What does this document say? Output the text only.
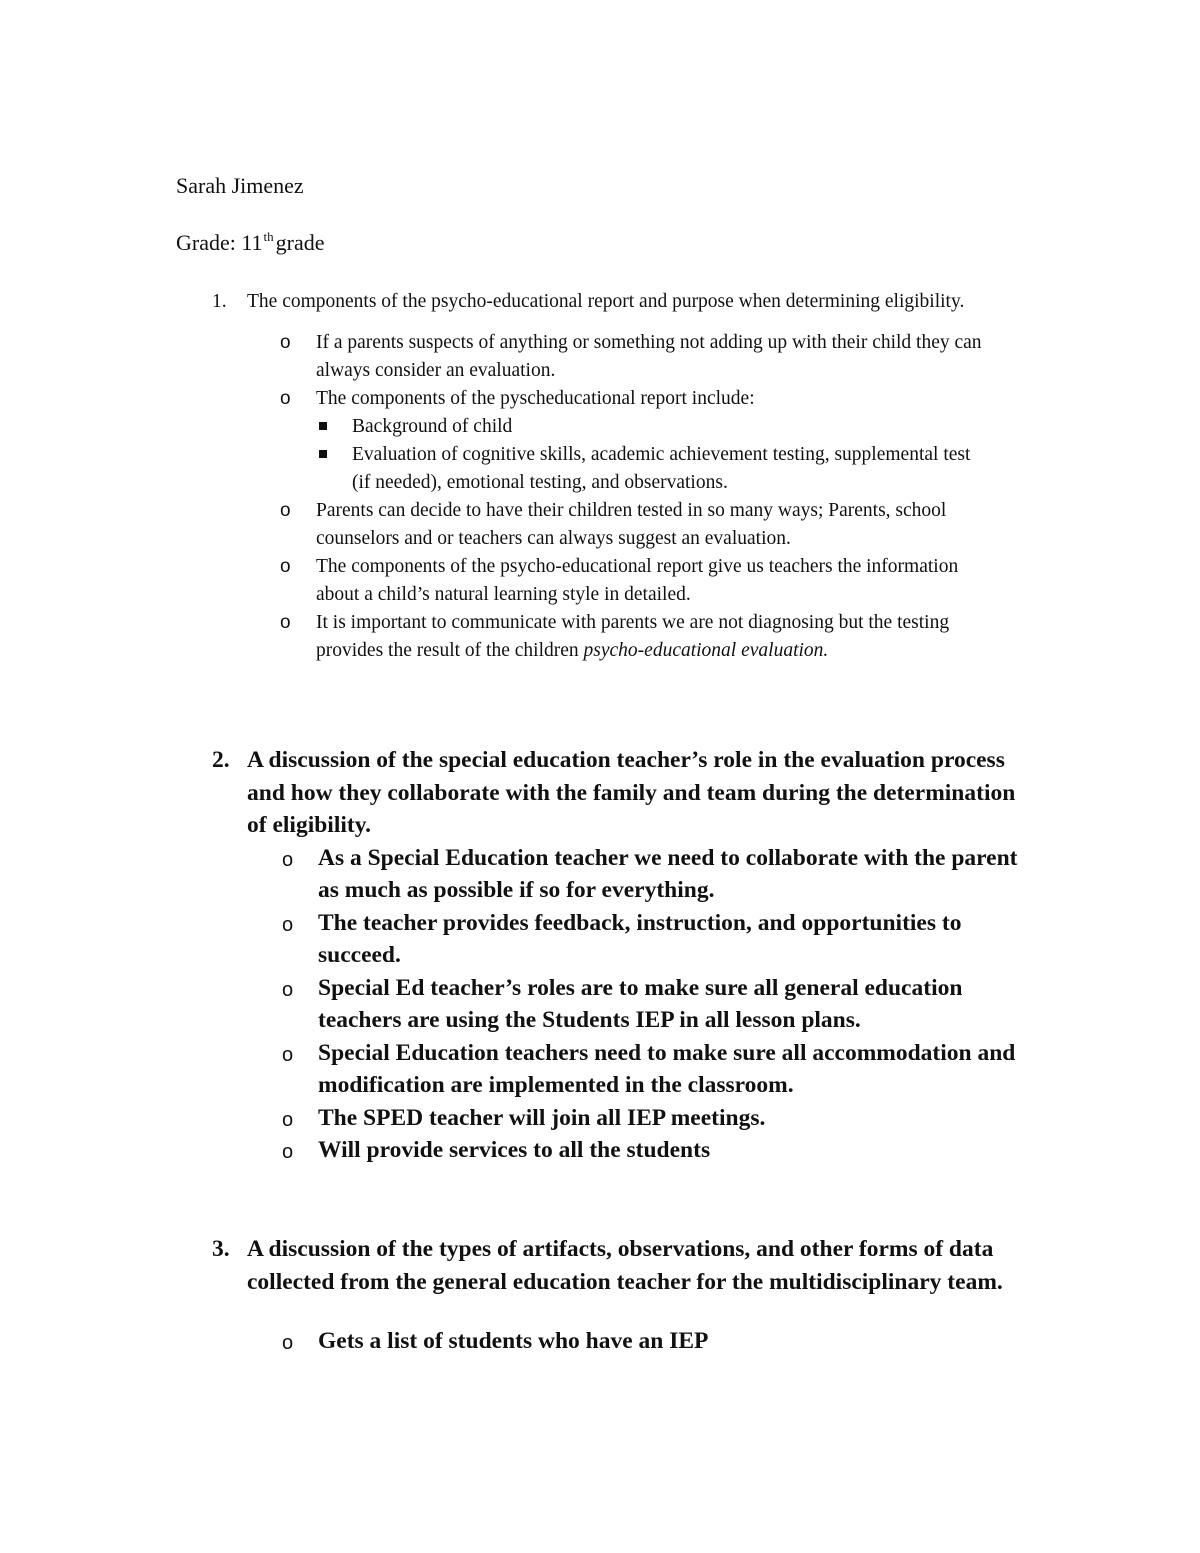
Sarah Jimenez

Grade: 11thgrade

1. The components of the psycho-educational report and purpose when determining eligibility.
o If a parents suspects of anything or something not adding up with their child they can always consider an evaluation.
o The components of the pyscheducational report include:
Background of child
Evaluation of cognitive skills, academic achievement testing, supplemental test (if needed), emotional testing, and observations.
o Parents can decide to have their children tested in so many ways; Parents, school counselors and or teachers can always suggest an evaluation.
o The components of the psycho-educational report give us teachers the information about a child’s natural learning style in detailed.
o It is important to communicate with parents we are not diagnosing but the testing provides the result of the children psycho-educational evaluation.
2. A discussion of the special education teacher’s role in the evaluation process and how they collaborate with the family and team during the determination of eligibility.
o As a Special Education teacher we need to collaborate with the parent as much as possible if so for everything.
o The teacher provides feedback, instruction, and opportunities to succeed.
o Special Ed teacher’s roles are to make sure all general education teachers are using the Students IEP in all lesson plans.
o Special Education teachers need to make sure all accommodation and modification are implemented in the classroom.
o The SPED teacher will join all IEP meetings.
o Will provide services to all the students
3. A discussion of the types of artifacts, observations, and other forms of data collected from the general education teacher for the multidisciplinary team.
o Gets a list of students who have an IEP
